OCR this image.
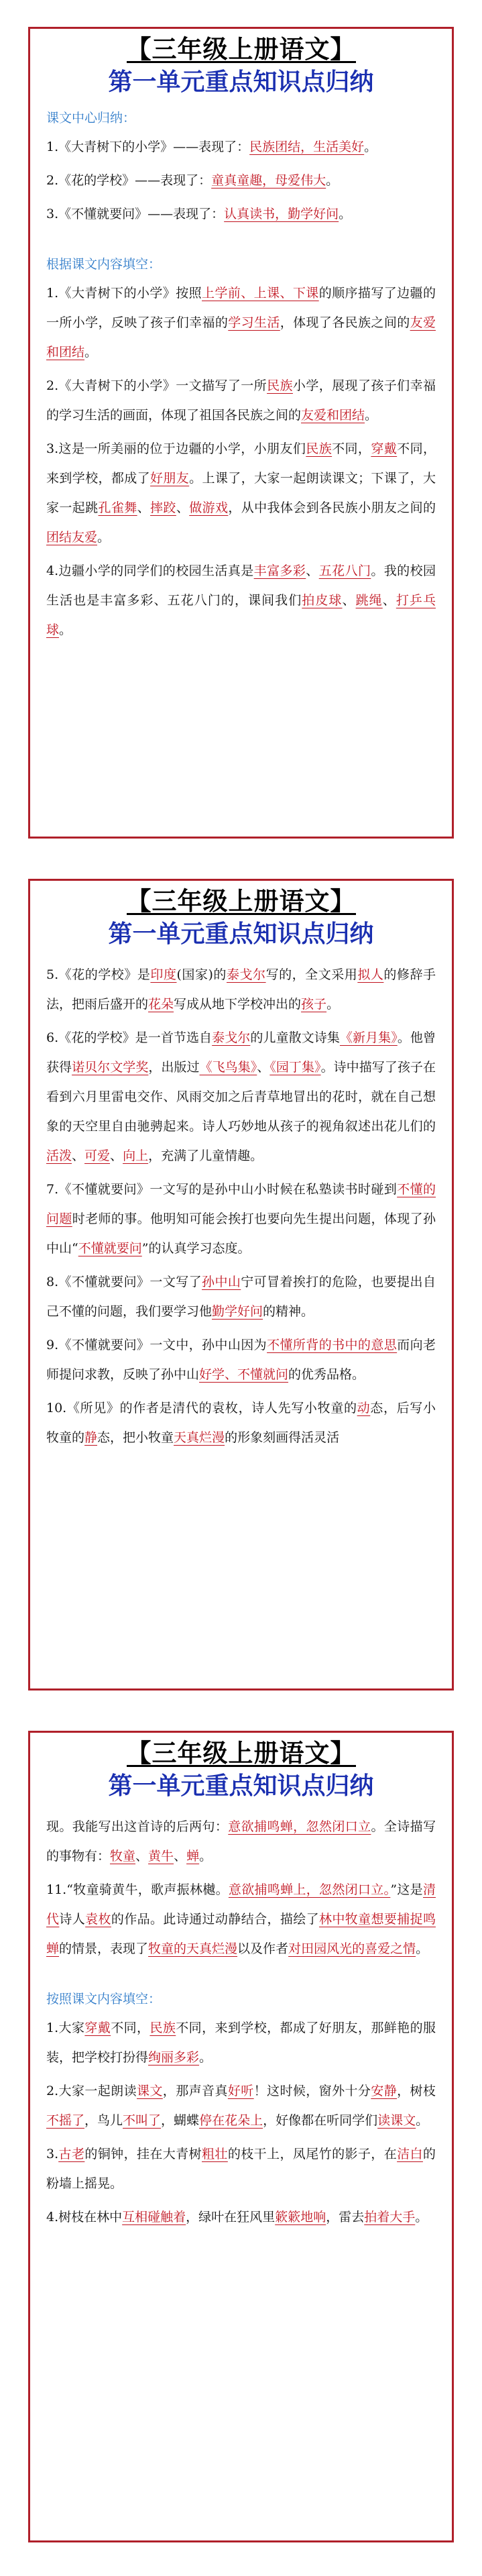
【三年级上册语文】
第一单元重点知识点归纳
课文中心归纳：

1.《大青树下的小学》——表现了：民族团结，生活美好。

2.《花的学校》——表现了：童真童趣，母爱伟大。

3.《不懂就要问》——表现了：认真读书，勤学好问。

根据课文内容填空：

1.《大青树下的小学》按照上学前、上课、下课的顺序描写了边疆的一所小学，反映了孩子们幸福的学习生活，体现了各民族之间的友爱和团结。

2.《大青树下的小学》一文描写了一所民族小学，展现了孩子们幸福的学习生活的画面，体现了祖国各民族之间的友爱和团结。

3.这是一所美丽的位于边疆的小学，小朋友们民族不同，穿戴不同，来到学校，都成了好朋友。上课了，大家一起朗读课文；下课了，大家一起跳孔雀舞、摔跤、做游戏，从中我体会到各民族小朋友之间的团结友爱。

4.边疆小学的同学们的校园生活真是丰富多彩、五花八门。我的校园生活也是丰富多彩、五花八门的，课间我们拍皮球、跳绳、打乒乓球。

【三年级上册语文】
第一单元重点知识点归纳

5.《花的学校》是印度(国家)的泰戈尔写的，全文采用拟人的修辞手法，把雨后盛开的花朵写成从地下学校冲出的孩子。

6.《花的学校》是一首节选自泰戈尔的儿童散文诗集《新月集》。他曾获得诺贝尔文学奖，出版过《飞鸟集》、《园丁集》。诗中描写了孩子在看到六月里雷电交作、风雨交加之后青草地冒出的花时，就在自己想象的天空里自由驰骋起来。诗人巧妙地从孩子的视角叙述出花儿们的活泼、可爱、向上，充满了儿童情趣。

7.《不懂就要问》一文写的是孙中山小时候在私塾读书时碰到不懂的问题时老师的事。他明知可能会挨打也要向先生提出问题，体现了孙中山“不懂就要问”的认真学习态度。

8.《不懂就要问》一文写了孙中山宁可冒着挨打的危险，也要提出自己不懂的问题，我们要学习他勤学好问的精神。

9.《不懂就要问》一文中，孙中山因为不懂所背的书中的意思而向老师提问求教，反映了孙中山好学、不懂就问的优秀品格。

10.《所见》的作者是清代的袁枚，诗人先写小牧童的动态，后写小牧童的静态，把小牧童天真烂漫的形象刻画得活灵活

【三年级上册语文】
第一单元重点知识点归纳

现。我能写出这首诗的后两句：意欲捕鸣蝉，忽然闭口立。全诗描写的事物有：牧童、黄牛、蝉。

11.“牧童骑黄牛，歌声振林樾。意欲捕鸣蝉上，忽然闭口立。”这是清代诗人袁枚的作品。此诗通过动静结合，描绘了林中牧童想要捕捉鸣蝉的情景，表现了牧童的天真烂漫以及作者对田园风光的喜爱之情。

按照课文内容填空：

1.大家穿戴不同，民族不同，来到学校，都成了好朋友，那鲜艳的服装，把学校打扮得绚丽多彩。

2.大家一起朗读课文，那声音真好听！这时候，窗外十分安静，树枝不摇了，鸟儿不叫了，蝴蝶停在花朵上，好像都在听同学们读课文。

3.古老的铜钟，挂在大青树粗壮的枝干上，凤尾竹的影子，在洁白的粉墙上摇晃。

4.树枝在林中互相碰触着，绿叶在狂风里簌簌地响，雷去拍着大手。
